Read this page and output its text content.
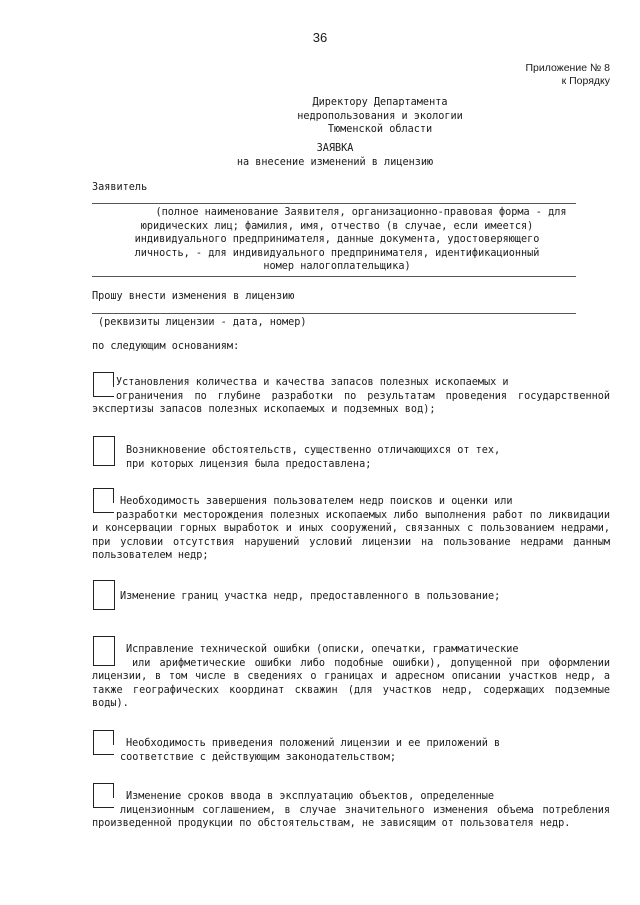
36
Приложение № 8
к Порядку
Директору Департамента
недропользования и экологии
Тюменской области
ЗАЯВКА
на внесение изменений в лицензию
Заявитель
(полное наименование Заявителя, организационно-правовая форма - для
юридических лиц; фамилия, имя, отчество (в случае, если имеется)
индивидуального предпринимателя, данные документа, удостоверяющего
личность, - для индивидуального предпринимателя, идентификационный
номер налогоплательщика)
Прошу внести изменения в лицензию
(реквизиты лицензии - дата, номер)
по следующим основаниям:

Установления количества и качества запасов полезных ископаемых и

ограничения по глубине разработки по результатам проведения государственной экспертизы запасов полезных ископаемых и подземных вод);

Возникновение обстоятельств, существенно отличающихся от тех,

при которых лицензия была предоставлена;

Необходимость завершения пользователем недр поисков и оценки или

разработки месторождения полезных ископаемых либо выполнения работ по ликвидации и консервации горных выработок и иных сооружений, связанных с пользованием недрами, при условии отсутствия нарушений условий лицензии на пользование недрами данным пользователем недр;

Изменение границ участка недр, предоставленного в пользование;

Исправление технической ошибки (описки, опечатки, грамматические

или арифметические ошибки либо подобные ошибки), допущенной при оформлении лицензии, в том числе в сведениях о границах и адресном описании участков недр, а также географических координат скважин (для участков недр, содержащих подземные воды).

Необходимость приведения положений лицензии и ее приложений в

соответствие с действующим законодательством;

Изменение сроков ввода в эксплуатацию объектов, определенные

лицензионным соглашением, в случае значительного изменения объема потребления произведенной продукции по обстоятельствам, не зависящим от пользователя недр.
